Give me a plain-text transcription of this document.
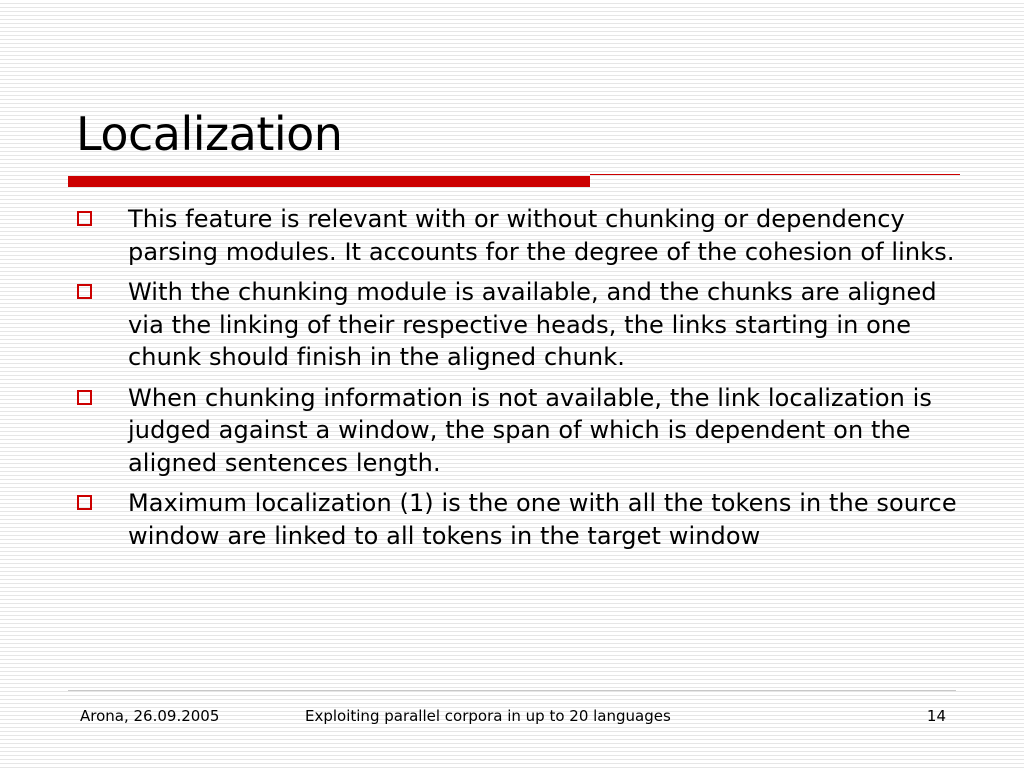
Localization
This feature is relevant with or without chunking or dependency parsing modules. It accounts for the degree of the cohesion of links.
With the chunking module is available, and the chunks are aligned via the linking of their respective heads, the links starting in one chunk should finish in the aligned chunk.
When chunking information is not available, the link localization is judged against a window, the span of which is dependent on the aligned sentences length.
Maximum localization (1) is the one with all the tokens in the source window are linked to all tokens in the target window
Arona, 26.09.2005	Exploiting parallel corpora in up to 20 languages	14
